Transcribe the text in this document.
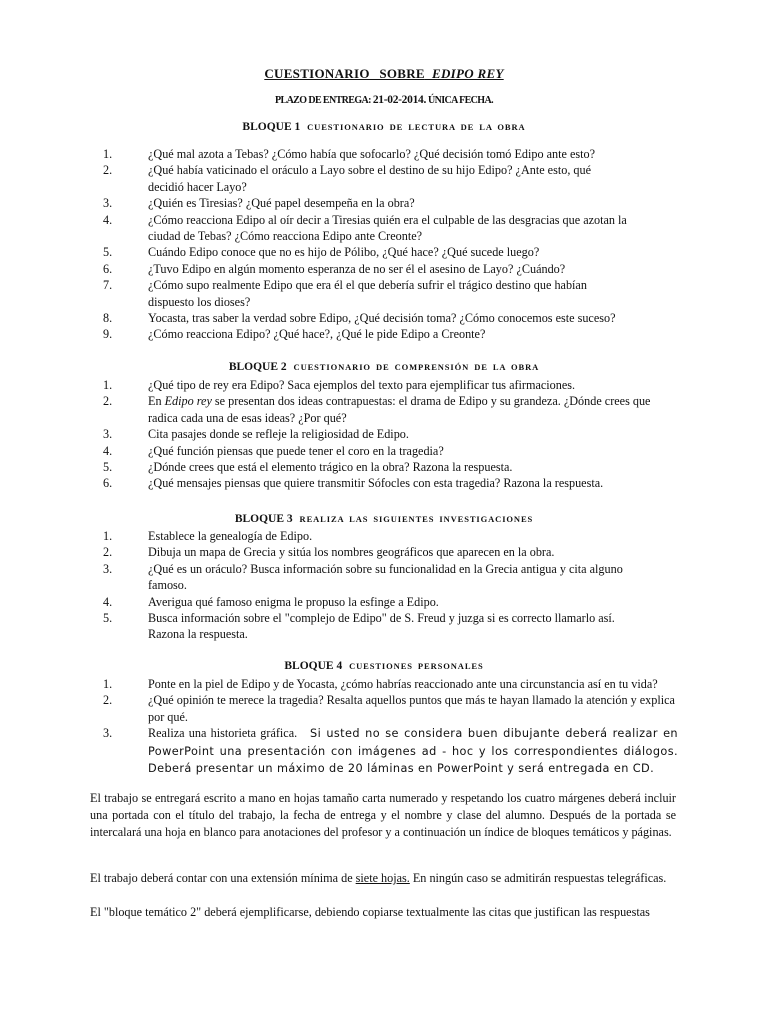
CUESTIONARIO SOBRE EDIPO REY
PLAZO DE ENTREGA: 21-02-2014. ÚNICA FECHA.
BLOQUE 1 CUESTIONARIO DE LECTURA DE LA OBRA
1.	¿Qué mal azota a Tebas? ¿Cómo había que sofocarlo? ¿Qué decisión tomó Edipo ante esto?
2.	¿Qué había vaticinado el oráculo a Layo sobre el destino de su hijo Edipo? ¿Ante esto, qué decidió hacer Layo?
3.	¿Quién es Tiresias? ¿Qué papel desempeña en la obra?
4.	¿Cómo reacciona Edipo al oír decir a Tiresias quién era el culpable de las desgracias que azotan la ciudad de Tebas? ¿Cómo reacciona Edipo ante Creonte?
5.	Cuándo Edipo conoce que no es hijo de Pólibo, ¿Qué hace? ¿Qué sucede luego?
6.	¿Tuvo Edipo en algún momento esperanza de no ser él el asesino de Layo? ¿Cuándo?
7.	¿Cómo supo realmente Edipo que era él el que debería sufrir el trágico destino que habían dispuesto los dioses?
8.	Yocasta, tras saber la verdad sobre Edipo, ¿Qué decisión toma? ¿Cómo conocemos este suceso?
9.	¿Cómo reacciona Edipo? ¿Qué hace?, ¿Qué le pide Edipo a Creonte?
BLOQUE 2 CUESTIONARIO DE COMPRENSIÓN DE LA OBRA
1.	¿Qué tipo de rey era Edipo? Saca ejemplos del texto para ejemplificar tus afirmaciones.
2.	En Edipo rey se presentan dos ideas contrapuestas: el drama de Edipo y su grandeza. ¿Dónde crees que radica cada una de esas ideas? ¿Por qué?
3.	Cita pasajes donde se refleje la religiosidad de Edipo.
4.	¿Qué función piensas que puede tener el coro en la tragedia?
5.	¿Dónde crees que está el elemento trágico en la obra? Razona la respuesta.
6.	¿Qué mensajes piensas que quiere transmitir Sófocles con esta tragedia? Razona la respuesta.
BLOQUE 3 REALIZA LAS SIGUIENTES INVESTIGACIONES
1.	Establece la genealogía de Edipo.
2.	Dibuja un mapa de Grecia y sitúa los nombres geográficos que aparecen en la obra.
3.	¿Qué es un oráculo? Busca información sobre su funcionalidad en la Grecia antigua y cita alguno famoso.
4.	Averigua qué famoso enigma le propuso la esfinge a Edipo.
5.	Busca información sobre el "complejo de Edipo" de S. Freud y juzga si es correcto llamarlo así. Razona la respuesta.
BLOQUE 4 CUESTIONES PERSONALES
1.	Ponte en la piel de Edipo y de Yocasta, ¿cómo habrías reaccionado ante una circunstancia así en tu vida?
2.	¿Qué opinión te merece la tragedia? Resalta aquellos puntos que más te hayan llamado la atención y explica por qué.
3.	Realiza una historieta gráfica. Si usted no se considera buen dibujante deberá realizar en PowerPoint una presentación con imágenes ad - hoc y los correspondientes diálogos. Deberá presentar un máximo de 20 láminas en PowerPoint y será entregada en CD.
El trabajo se entregará escrito a mano en hojas tamaño carta numerado y respetando los cuatro márgenes deberá incluir una portada con el título del trabajo, la fecha de entrega y el nombre y clase del alumno. Después de la portada se intercalará una hoja en blanco para anotaciones del profesor y a continuación un índice de bloques temáticos y páginas.
El trabajo deberá contar con una extensión mínima de siete hojas. En ningún caso se admitirán respuestas telegráficas.
El "bloque temático 2" deberá ejemplificarse, debiendo copiarse textualmente las citas que justifican las respuestas
